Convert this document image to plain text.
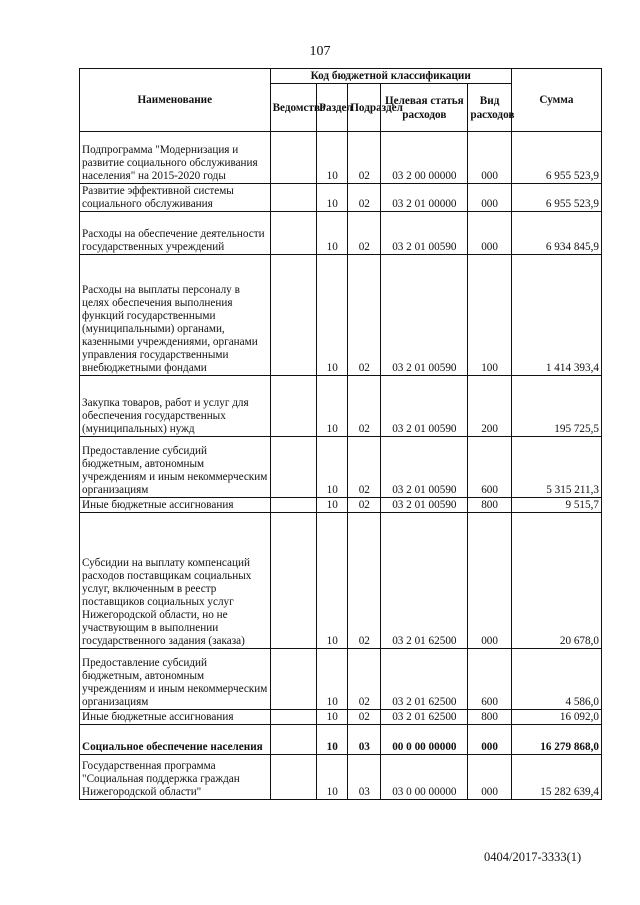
107
Наименование	Код бюджетной классификации					Сумма
	Ведомство	Раздел	Подраздел	Целевая статья расходов	Вид расходов	
Подпрограмма "Модернизация и развитие социального обслуживания населения" на 2015-2020 годы		10	02	03 2 00 00000	000	6 955 523,9
Развитие эффективной системы социального обслуживания		10	02	03 2 01 00000	000	6 955 523,9
Расходы на обеспечение деятельности государственных учреждений		10	02	03 2 01 00590	000	6 934 845,9
Расходы на выплаты персоналу в целях обеспечения выполнения функций государственными (муниципальными) органами, казенными учреждениями, органами управления государственными внебюджетными фондами		10	02	03 2 01 00590	100	1 414 393,4
Закупка товаров, работ и услуг для обеспечения государственных (муниципальных) нужд		10	02	03 2 01 00590	200	195 725,5
Предоставление субсидий бюджетным, автономным учреждениям и иным некоммерческим организациям		10	02	03 2 01 00590	600	5 315 211,3
Иные бюджетные ассигнования		10	02	03 2 01 00590	800	9 515,7
Субсидии на выплату компенсаций расходов поставщикам социальных услуг, включенным в реестр поставщиков социальных услуг Нижегородской области, но не участвующим в выполнении государственного задания (заказа)		10	02	03 2 01 62500	000	20 678,0
Предоставление субсидий бюджетным, автономным учреждениям и иным некоммерческим организациям		10	02	03 2 01 62500	600	4 586,0
Иные бюджетные ассигнования		10	02	03 2 01 62500	800	16 092,0
Социальное обеспечение населения		10	03	00 0 00 00000	000	16 279 868,0
Государственная программа "Социальная поддержка граждан Нижегородской области"		10	03	03 0 00 00000	000	15 282 639,4
0404/2017-3333(1)
